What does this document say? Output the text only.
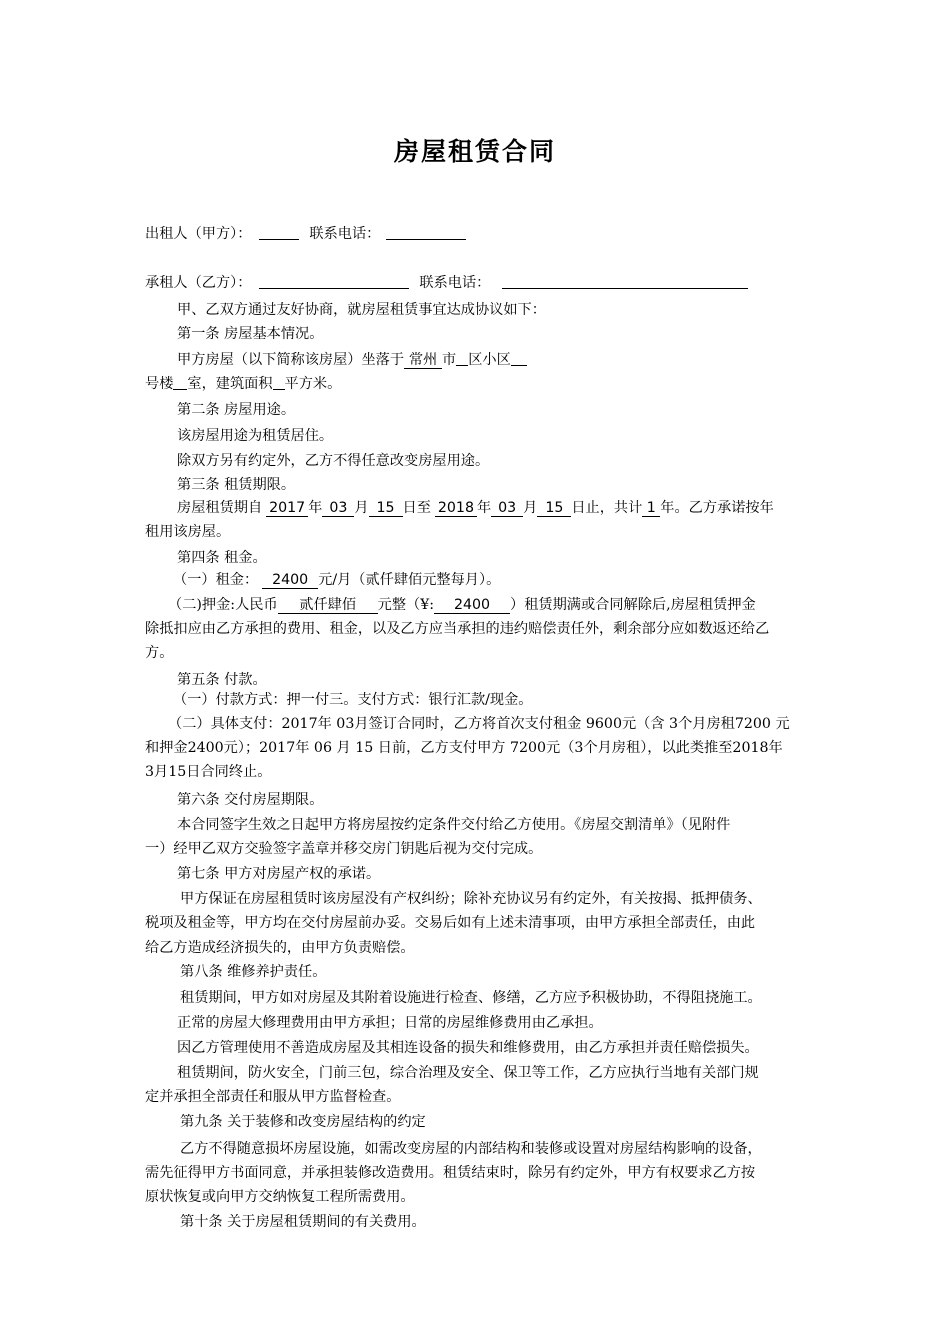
房屋租赁合同
出租人（甲方）：	联系电话：
承租人（乙方）：	联系电话：
甲、乙双方通过友好协商，就房屋租赁事宜达成协议如下：
第一条 房屋基本情况。
甲方房屋（以下简称该房屋）坐落于 常州 市 区小区
号楼 室，建筑面积 平方米。
第二条 房屋用途。
该房屋用途为租赁居住。
除双方另有约定外，乙方不得任意改变房屋用途。
第三条 租赁期限。
房屋租赁期自 2017 年 03 月 15 日至 2018 年 03 月 15 日止，共计 1 年。乙方承诺按年
租用该房屋。
第四条 租金。
（一）租金： 2400 元/月（贰仟肆佰元整每月）。
（二)押金:人民币 贰仟肆佰 元整（¥: 2400 ）租赁期满或合同解除后,房屋租赁押金
除抵扣应由乙方承担的费用、租金，以及乙方应当承担的违约赔偿责任外，剩余部分应如数返还给乙
方。
第五条 付款。
（一）付款方式：押一付三。支付方式：银行汇款/现金。
（二）具体支付：2017年 03月签订合同时，乙方将首次支付租金 9600元（含 3个月房租7200 元
和押金2400元）；2017年 06 月 15 日前，乙方支付甲方 7200元（3个月房租），以此类推至2018年
3月15日合同终止。
第六条 交付房屋期限。
本合同签字生效之日起甲方将房屋按约定条件交付给乙方使用。《房屋交割清单》（见附件
一）经甲乙双方交验签字盖章并移交房门钥匙后视为交付完成。
第七条 甲方对房屋产权的承诺。
甲方保证在房屋租赁时该房屋没有产权纠纷；除补充协议另有约定外，有关按揭、抵押债务、
税项及租金等，甲方均在交付房屋前办妥。交易后如有上述未清事项，由甲方承担全部责任，由此
给乙方造成经济损失的，由甲方负责赔偿。
第八条 维修养护责任。
租赁期间，甲方如对房屋及其附着设施进行检查、修缮，乙方应予积极协助，不得阻挠施工。
正常的房屋大修理费用由甲方承担；日常的房屋维修费用由乙承担。
因乙方管理使用不善造成房屋及其相连设备的损失和维修费用，由乙方承担并责任赔偿损失。
租赁期间，防火安全，门前三包，综合治理及安全、保卫等工作，乙方应执行当地有关部门规
定并承担全部责任和服从甲方监督检查。
第九条 关于装修和改变房屋结构的约定
乙方不得随意损坏房屋设施，如需改变房屋的内部结构和装修或设置对房屋结构影响的设备，
需先征得甲方书面同意，并承担装修改造费用。租赁结束时，除另有约定外，甲方有权要求乙方按
原状恢复或向甲方交纳恢复工程所需费用。
第十条 关于房屋租赁期间的有关费用。
